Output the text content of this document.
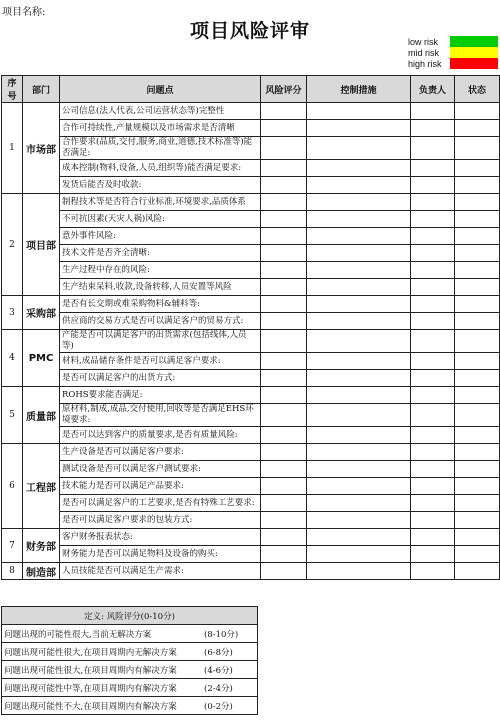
项目名称:
项目风险评审	low risk
mid risk
high risk
序号	部门	问题点	风险评分	控制措施	负责人	状态
1	市场部	公司信息(法人代表,公司运营状态等)完整性				
		合作可持续性,产量规模以及市场需求是否清晰				
		合作要求(品质,交付,服务,商业,道德,技术标准等)能否满足:				
		成本控制(物料,设备,人员,组织等)能否满足要求:				
		发货后能否及时收款:				
2	项目部	制程技术等是否符合行业标准,环境要求,品质体系				
		不可抗因素(天灾人祸)风险:				
		意外事件风险:				
		技术文件是否齐全清晰:				
		生产过程中存在的风险:				
		生产结束呆料,收款,设备转移,人员安置等风险				
3	采购部	是否有长交期或难采购物料&辅料等:				
		供应商的交易方式是否可以满足客户的贸易方式:				
4	PMC	产能是否可以满足客户的出货需求(包括线体,人员等)				
		材料,成品储存条件是否可以满足客户要求:				
		是否可以满足客户的出货方式:				
5	质量部	ROHS要求能否满足:				
		原材料,制成,成品,交付使用,回收等是否满足EHS环境要求:				
		是否可以达到客户的质量要求,是否有质量风险:				
6	工程部	生产设备是否可以满足客户要求:				
		测试设备是否可以满足客户测试要求:				
		技术能力是否可以满足产品要求:				
		是否可以满足客户的工艺要求,是否有特殊工艺要求:				
		是否可以满足客户要求的包装方式:				
7	财务部	客户财务报表状态:				
		财务能力是否可以满足物料及设备的购买:				
8	制造部	人员技能是否可以满足生产需求:				
定义: 风险评分(0-10分)
问题出现的可能性很大,当前无解决方案	(8-10分)
问题出现可能性很大,在项目周期内无解决方案	(6-8分)
问题出现可能性很大,在项目周期内有解决方案	(4-6分)
问题出现可能性中等,在项目周期内有解决方案	(2-4分)
问题出现可能性不大,在项目周期内有解决方案	(0-2分)
